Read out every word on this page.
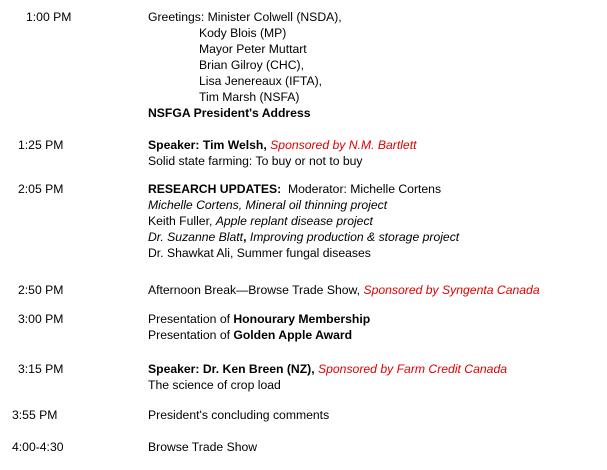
1:00 PM	Greetings: Minister Colwell (NSDA),
Kody Blois (MP)
Mayor Peter Muttart
Brian Gilroy (CHC),
Lisa Jenereaux (IFTA),
Tim Marsh (NSFA)
NSFGA President's Address
1:25 PM	Speaker: Tim Welsh, Sponsored by N.M. Bartlett
Solid state farming: To buy or not to buy
2:05 PM	RESEARCH UPDATES: Moderator: Michelle Cortens
Michelle Cortens, Mineral oil thinning project
Keith Fuller, Apple replant disease project
Dr. Suzanne Blatt, Improving production & storage project
Dr. Shawkat Ali, Summer fungal diseases
2:50 PM	Afternoon Break—Browse Trade Show, Sponsored by Syngenta Canada
3:00 PM	Presentation of Honourary Membership
Presentation of Golden Apple Award
3:15 PM	Speaker: Dr. Ken Breen (NZ), Sponsored by Farm Credit Canada
The science of crop load
3:55 PM	President's concluding comments
4:00-4:30	Browse Trade Show
